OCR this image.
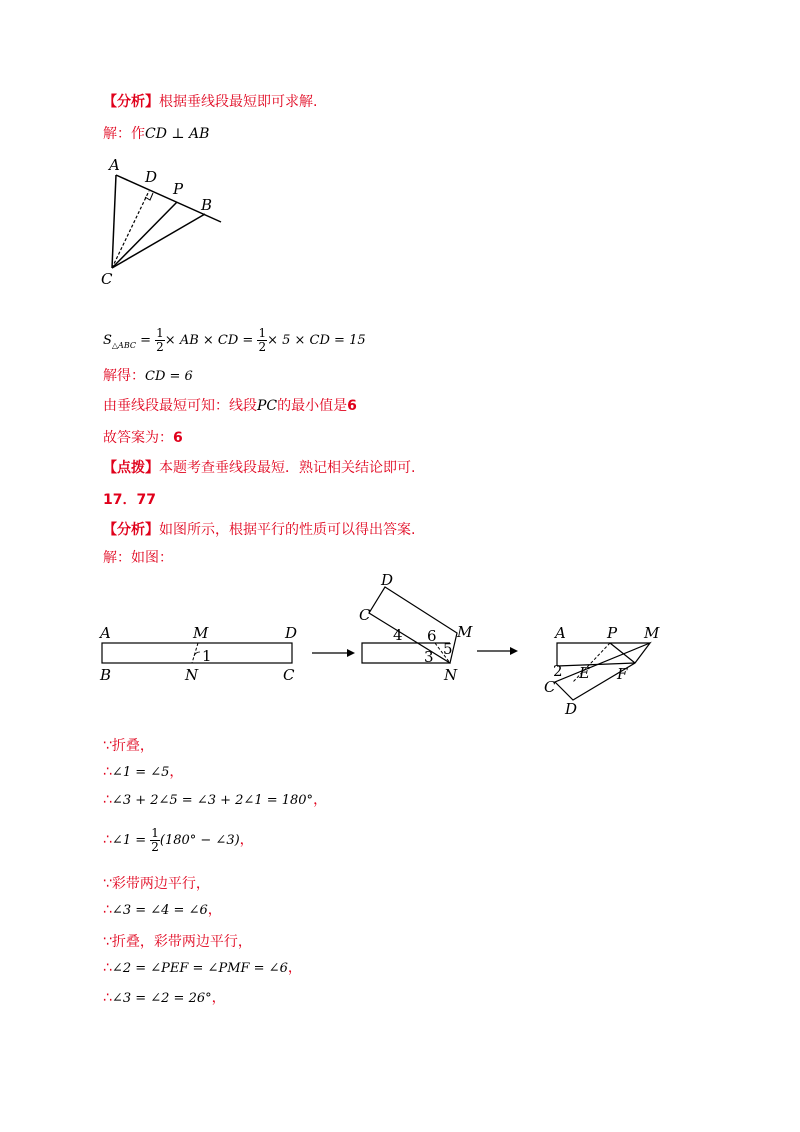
【分析】根据垂线段最短即可求解.
解：作CD ⊥ AB
A
D
P
B
C
$S_{\triangle ABC} = \frac{1}{2}$ × AB × CD = $\frac{1}{2} \times 5$ × CD = 15
解得：CD = 6
由垂线段最短可知：线段PC的最小值是6
故答案为：6
【点拨】本题考查垂线段最短．熟记相关结论即可.
17．77
【分析】如图所示，根据平行的性质可以得出答案.
解：如图：
A	M	D
B	N	C
1
D
C
4 6 M
5
3
N
A	P M
2 E F
C
D
∵折叠，
∴∠1 = ∠5，
∴∠3 + 2∠5 = ∠3 + 2∠1 = 180°，
∴∠1 = $\frac{1}{2} (180^\circ$ − ∠3)，
∵彩带两边平行，
∴∠3 = ∠4 = ∠6，
∵折叠，彩带两边平行，
∴∠2 = ∠PEF = ∠PMF = ∠6，
∴∠3 = ∠2 = 26°，
